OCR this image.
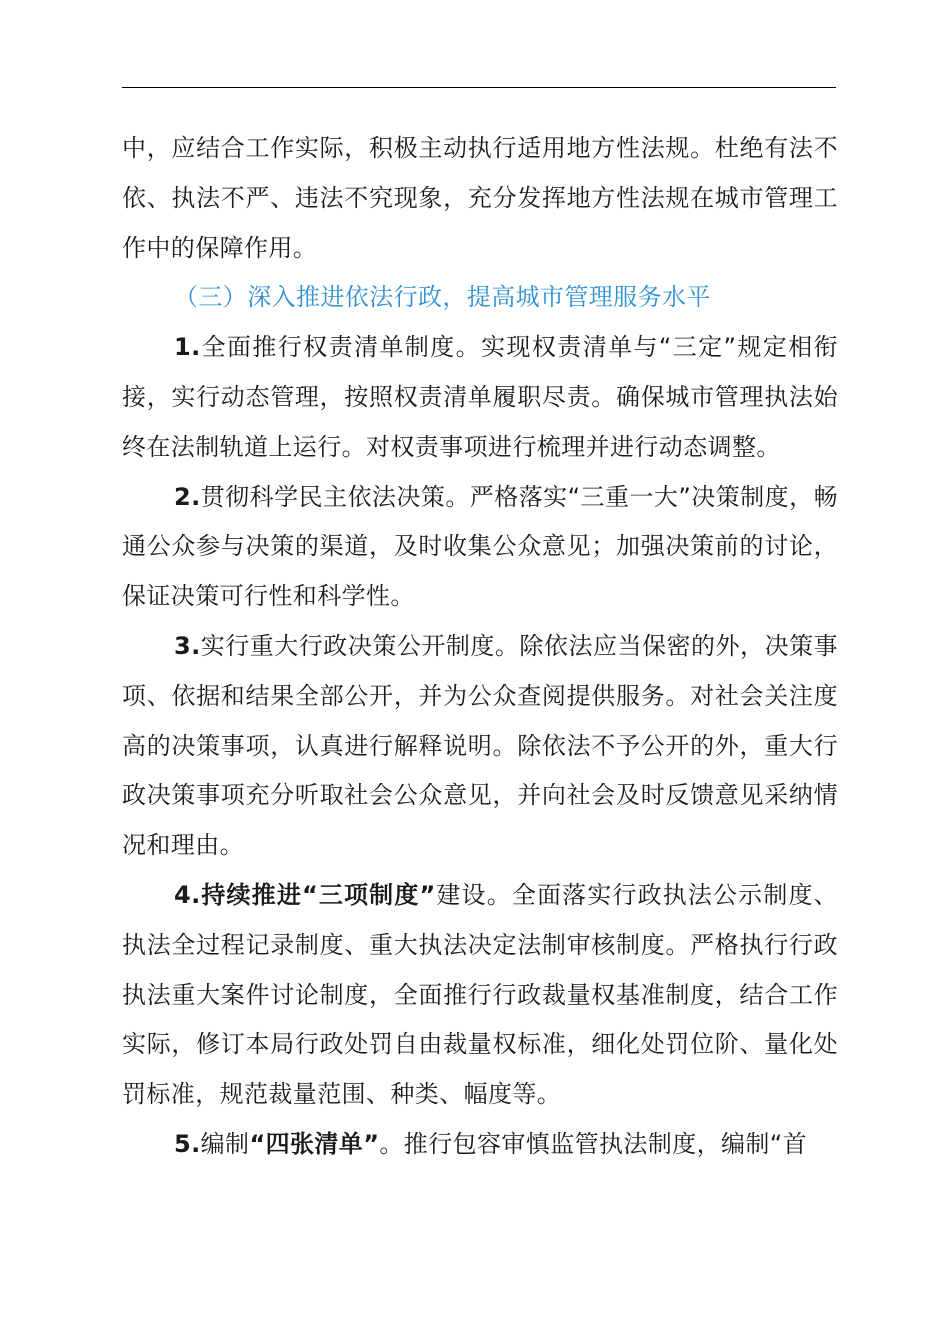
中，应结合工作实际，积极主动执行适用地方性法规。杜绝有法不依、执法不严、违法不究现象，充分发挥地方性法规在城市管理工作中的保障作用。

（三）深入推进依法行政，提高城市管理服务水平

1.全面推行权责清单制度。实现权责清单与“三定”规定相衔接，实行动态管理，按照权责清单履职尽责。确保城市管理执法始终在法制轨道上运行。对权责事项进行梳理并进行动态调整。

2.贯彻科学民主依法决策。严格落实“三重一大”决策制度，畅通公众参与决策的渠道，及时收集公众意见；加强决策前的讨论，保证决策可行性和科学性。

3.实行重大行政决策公开制度。除依法应当保密的外，决策事项、依据和结果全部公开，并为公众查阅提供服务。对社会关注度高的决策事项，认真进行解释说明。除依法不予公开的外，重大行政决策事项充分听取社会公众意见，并向社会及时反馈意见采纳情况和理由。

4.持续推进“三项制度”建设。全面落实行政执法公示制度、执法全过程记录制度、重大执法决定法制审核制度。严格执行行政执法重大案件讨论制度，全面推行行政裁量权基准制度，结合工作实际，修订本局行政处罚自由裁量权标准，细化处罚位阶、量化处罚标准，规范裁量范围、种类、幅度等。

5.编制“四张清单”。推行包容审慎监管执法制度，编制“首
